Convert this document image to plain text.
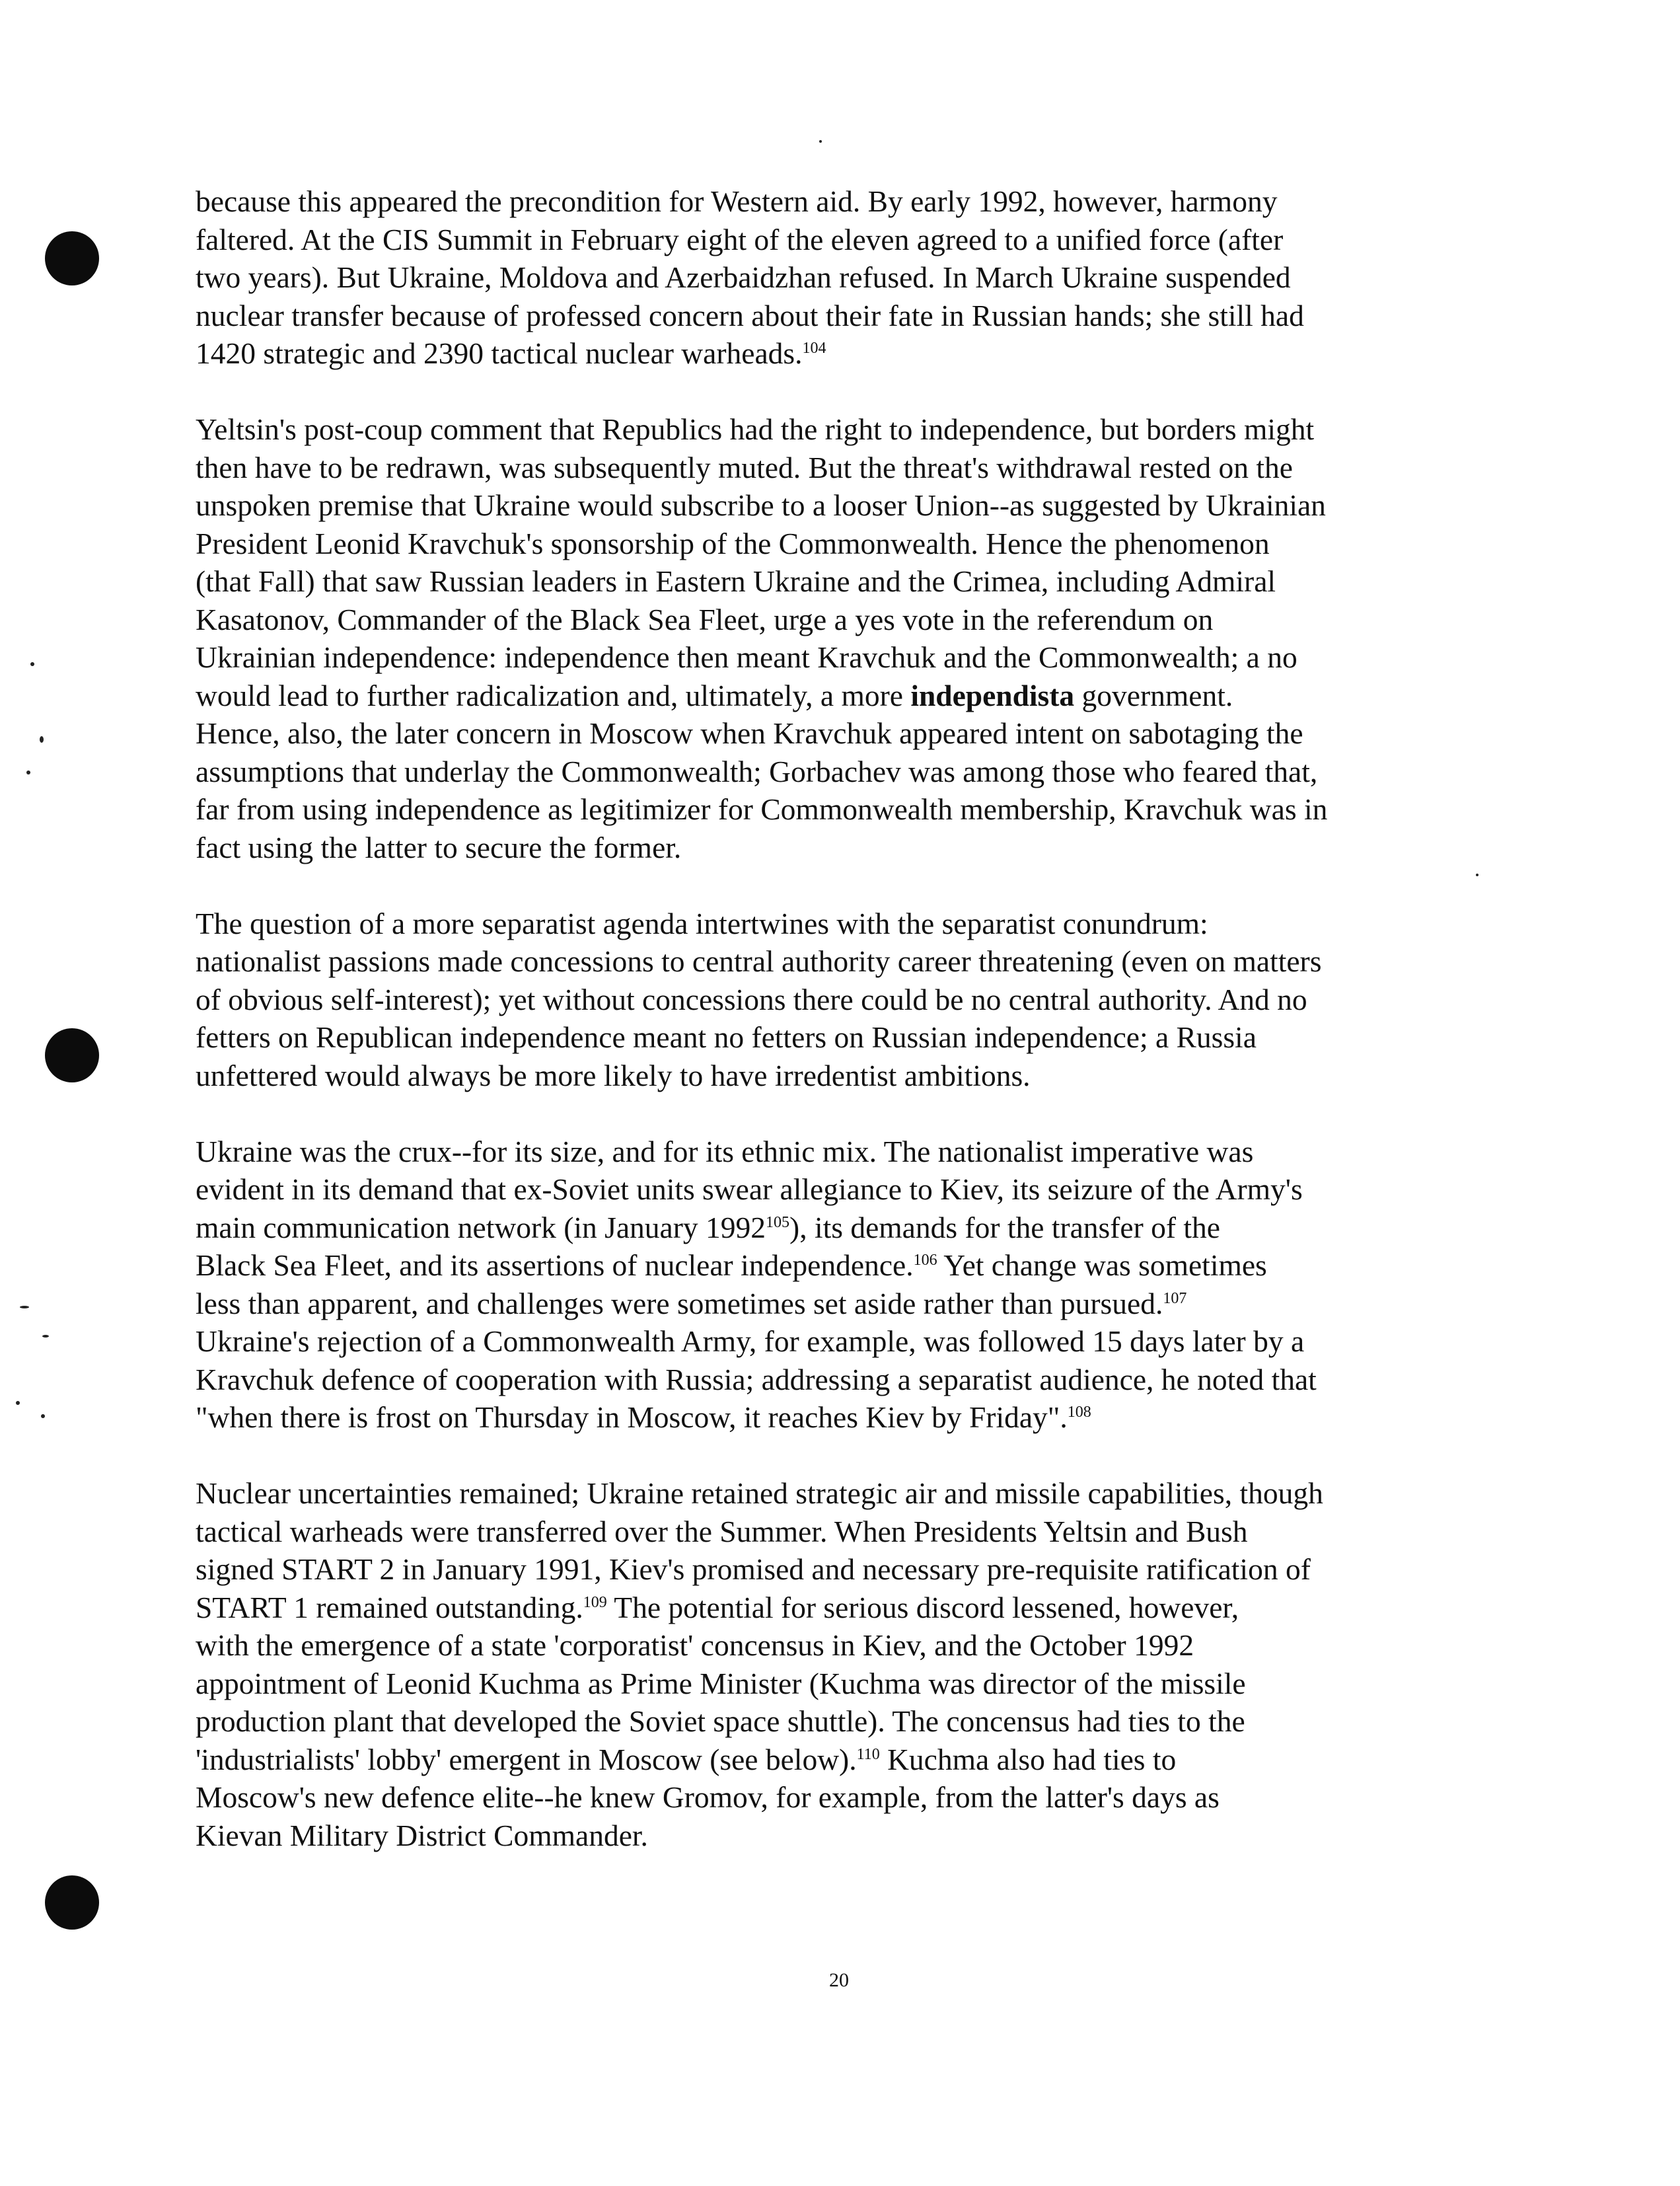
because this appeared the precondition for Western aid. By early 1992, however, harmony
faltered. At the CIS Summit in February eight of the eleven agreed to a unified force (after
two years). But Ukraine, Moldova and Azerbaidzhan refused. In March Ukraine suspended
nuclear transfer because of professed concern about their fate in Russian hands; she still had
1420 strategic and 2390 tactical nuclear warheads.$^{104}$

Yeltsin's post-coup comment that Republics had the right to independence, but borders might
then have to be redrawn, was subsequently muted. But the threat's withdrawal rested on the
unspoken premise that Ukraine would subscribe to a looser Union--as suggested by Ukrainian
President Leonid Kravchuk's sponsorship of the Commonwealth. Hence the phenomenon
(that Fall) that saw Russian leaders in Eastern Ukraine and the Crimea, including Admiral
Kasatonov, Commander of the Black Sea Fleet, urge a yes vote in the referendum on
Ukrainian independence: independence then meant Kravchuk and the Commonwealth; a no
would lead to further radicalization and, ultimately, a more independista government.
Hence, also, the later concern in Moscow when Kravchuk appeared intent on sabotaging the
assumptions that underlay the Commonwealth; Gorbachev was among those who feared that,
far from using independence as legitimizer for Commonwealth membership, Kravchuk was in
fact using the latter to secure the former.

The question of a more separatist agenda intertwines with the separatist conundrum:
nationalist passions made concessions to central authority career threatening (even on matters
of obvious self-interest); yet without concessions there could be no central authority. And no
fetters on Republican independence meant no fetters on Russian independence; a Russia
unfettered would always be more likely to have irredentist ambitions.

Ukraine was the crux--for its size, and for its ethnic mix. The nationalist imperative was
evident in its demand that ex-Soviet units swear allegiance to Kiev, its seizure of the Army's
main communication network (in January 1992$^{105}$), its demands for the transfer of the
Black Sea Fleet, and its assertions of nuclear independence.$^{106}$ Yet change was sometimes
less than apparent, and challenges were sometimes set aside rather than pursued.$^{107}$
Ukraine's rejection of a Commonwealth Army, for example, was followed 15 days later by a
Kravchuk defence of cooperation with Russia; addressing a separatist audience, he noted that
"when there is frost on Thursday in Moscow, it reaches Kiev by Friday".$^{108}$

Nuclear uncertainties remained; Ukraine retained strategic air and missile capabilities, though
tactical warheads were transferred over the Summer. When Presidents Yeltsin and Bush
signed START 2 in January 1991, Kiev's promised and necessary pre-requisite ratification of
START 1 remained outstanding.$^{109}$ The potential for serious discord lessened, however,
with the emergence of a state 'corporatist' concensus in Kiev, and the October 1992
appointment of Leonid Kuchma as Prime Minister (Kuchma was director of the missile
production plant that developed the Soviet space shuttle). The concensus had ties to the
'industrialists' lobby' emergent in Moscow (see below).$^{110}$ Kuchma also had ties to
Moscow's new defence elite--he knew Gromov, for example, from the latter's days as
Kievan Military District Commander.

20
